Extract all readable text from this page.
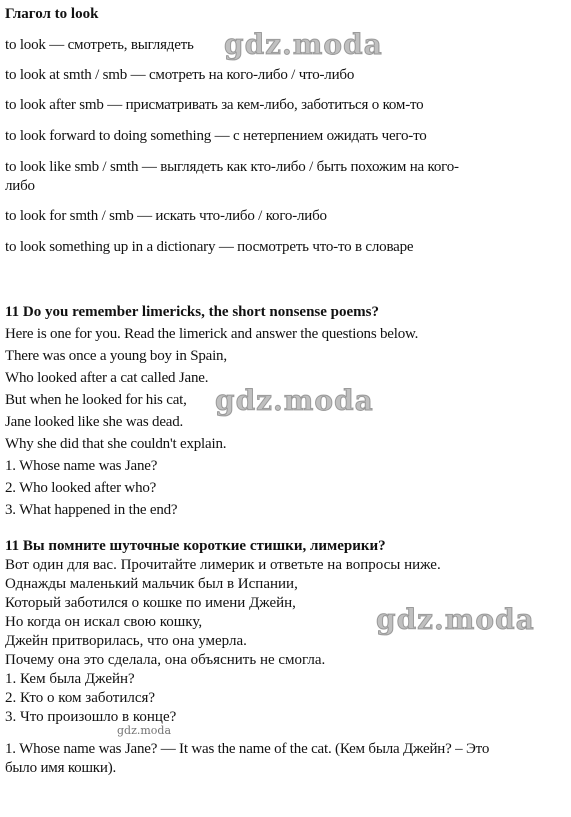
Глагол to look
to look — смотреть, выглядеть
to look at smth / smb — смотреть на кого-либо / что-либо
to look after smb — присматривать за кем-либо, заботиться о ком-то
to look forward to doing something — с нетерпением ожидать чего-то
to look like smb / smth — выглядеть как кто-либо / быть похожим на кого-
либо
to look for smth / smb — искать что-либо / кого-либо
to look something up in a dictionary — посмотреть что-то в словаре
11 Do you remember limericks, the short nonsense poems?
Here is one for you. Read the limerick and answer the questions below.
There was once a young boy in Spain,
Who looked after a cat called Jane.
But when he looked for his cat,
Jane looked like she was dead.
Why she did that she couldn't explain.
1. Whose name was Jane?
2. Who looked after who?
3. What happened in the end?
11 Вы помните шуточные короткие стишки, лимерики?
Вот один для вас. Прочитайте лимерик и ответьте на вопросы ниже.
Однажды маленький мальчик был в Испании,
Который заботился о кошке по имени Джейн,
Но когда он искал свою кошку,
Джейн притворилась, что она умерла.
Почему она это сделала, она объяснить не смогла.
1. Кем была Джейн?
2. Кто о ком заботился?
3. Что произошло в конце?
1. Whose name was Jane? — It was the name of the cat. (Кем была Джейн? – Это
было имя кошки).
gdz.moda
gdz.moda
gdz.moda
gdz.moda
